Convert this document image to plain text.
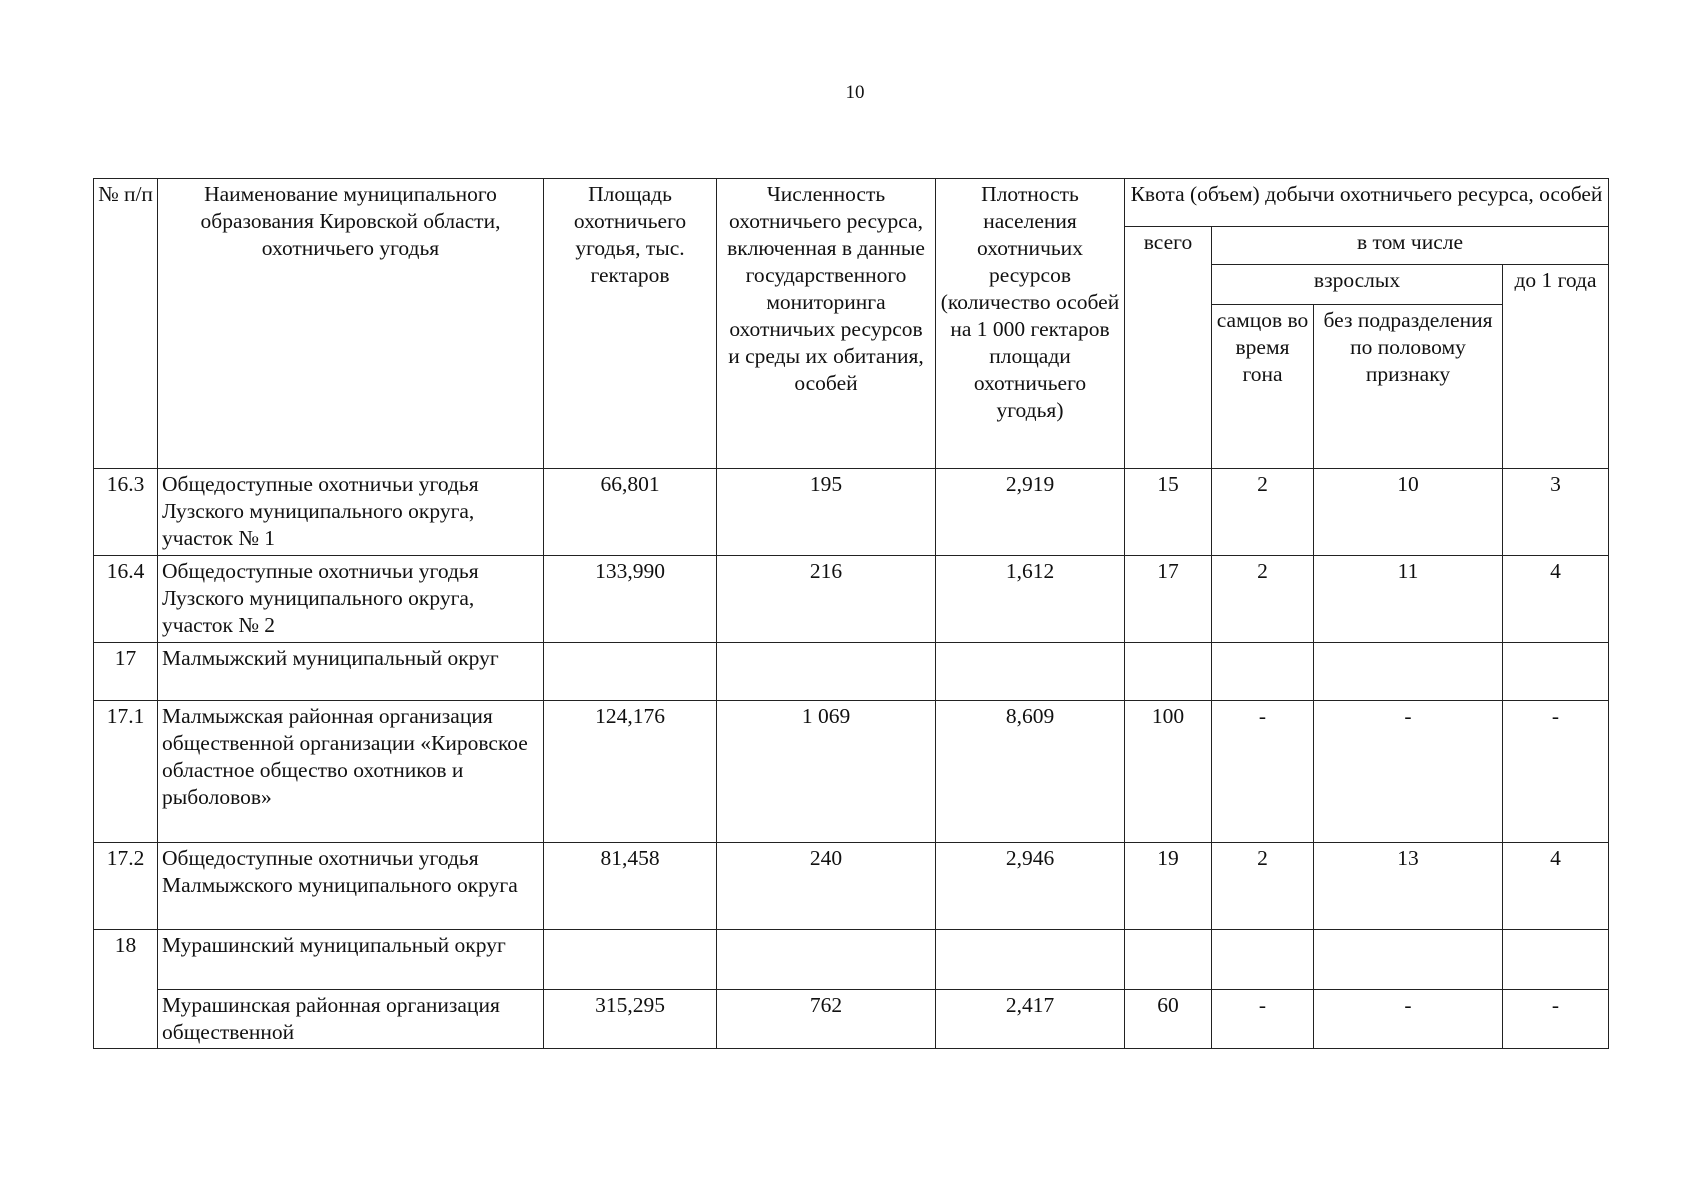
10
№ п/п	Наименование муниципального образования Кировской области, охотничьего угодья	Площадь охотничьего угодья, тыс. гектаров	Численность охотничьего ресурса, включенная в данные государственного мониторинга охотничьих ресурсов и среды их обитания, особей	Плотность населения охотничьих ресурсов (количество особей на 1 000 гектаров площади охотничьего угодья)	Квота (объем) добычи охотничьего ресурса, особей			
					всего	в том числе		
						взрослых		до 1 года
						самцов во время гона	без подразделения по половому признаку	
16.3	Общедоступные охотничьи угодья Лузского муниципального округа, участок № 1	66,801	195	2,919	15	2	10	3
16.4	Общедоступные охотничьи угодья Лузского муниципального округа, участок № 2	133,990	216	1,612	17	2	11	4
17	Малмыжский муниципальный округ							
17.1	Малмыжская районная организация общественной организации «Кировское областное общество охотников и рыболовов»	124,176	1 069	8,609	100	-	-	-
17.2	Общедоступные охотничьи угодья Малмыжского муниципального округа	81,458	240	2,946	19	2	13	4
18	Мурашинский муниципальный округ							
	Мурашинская районная организация общественной	315,295	762	2,417	60	-	-	-
